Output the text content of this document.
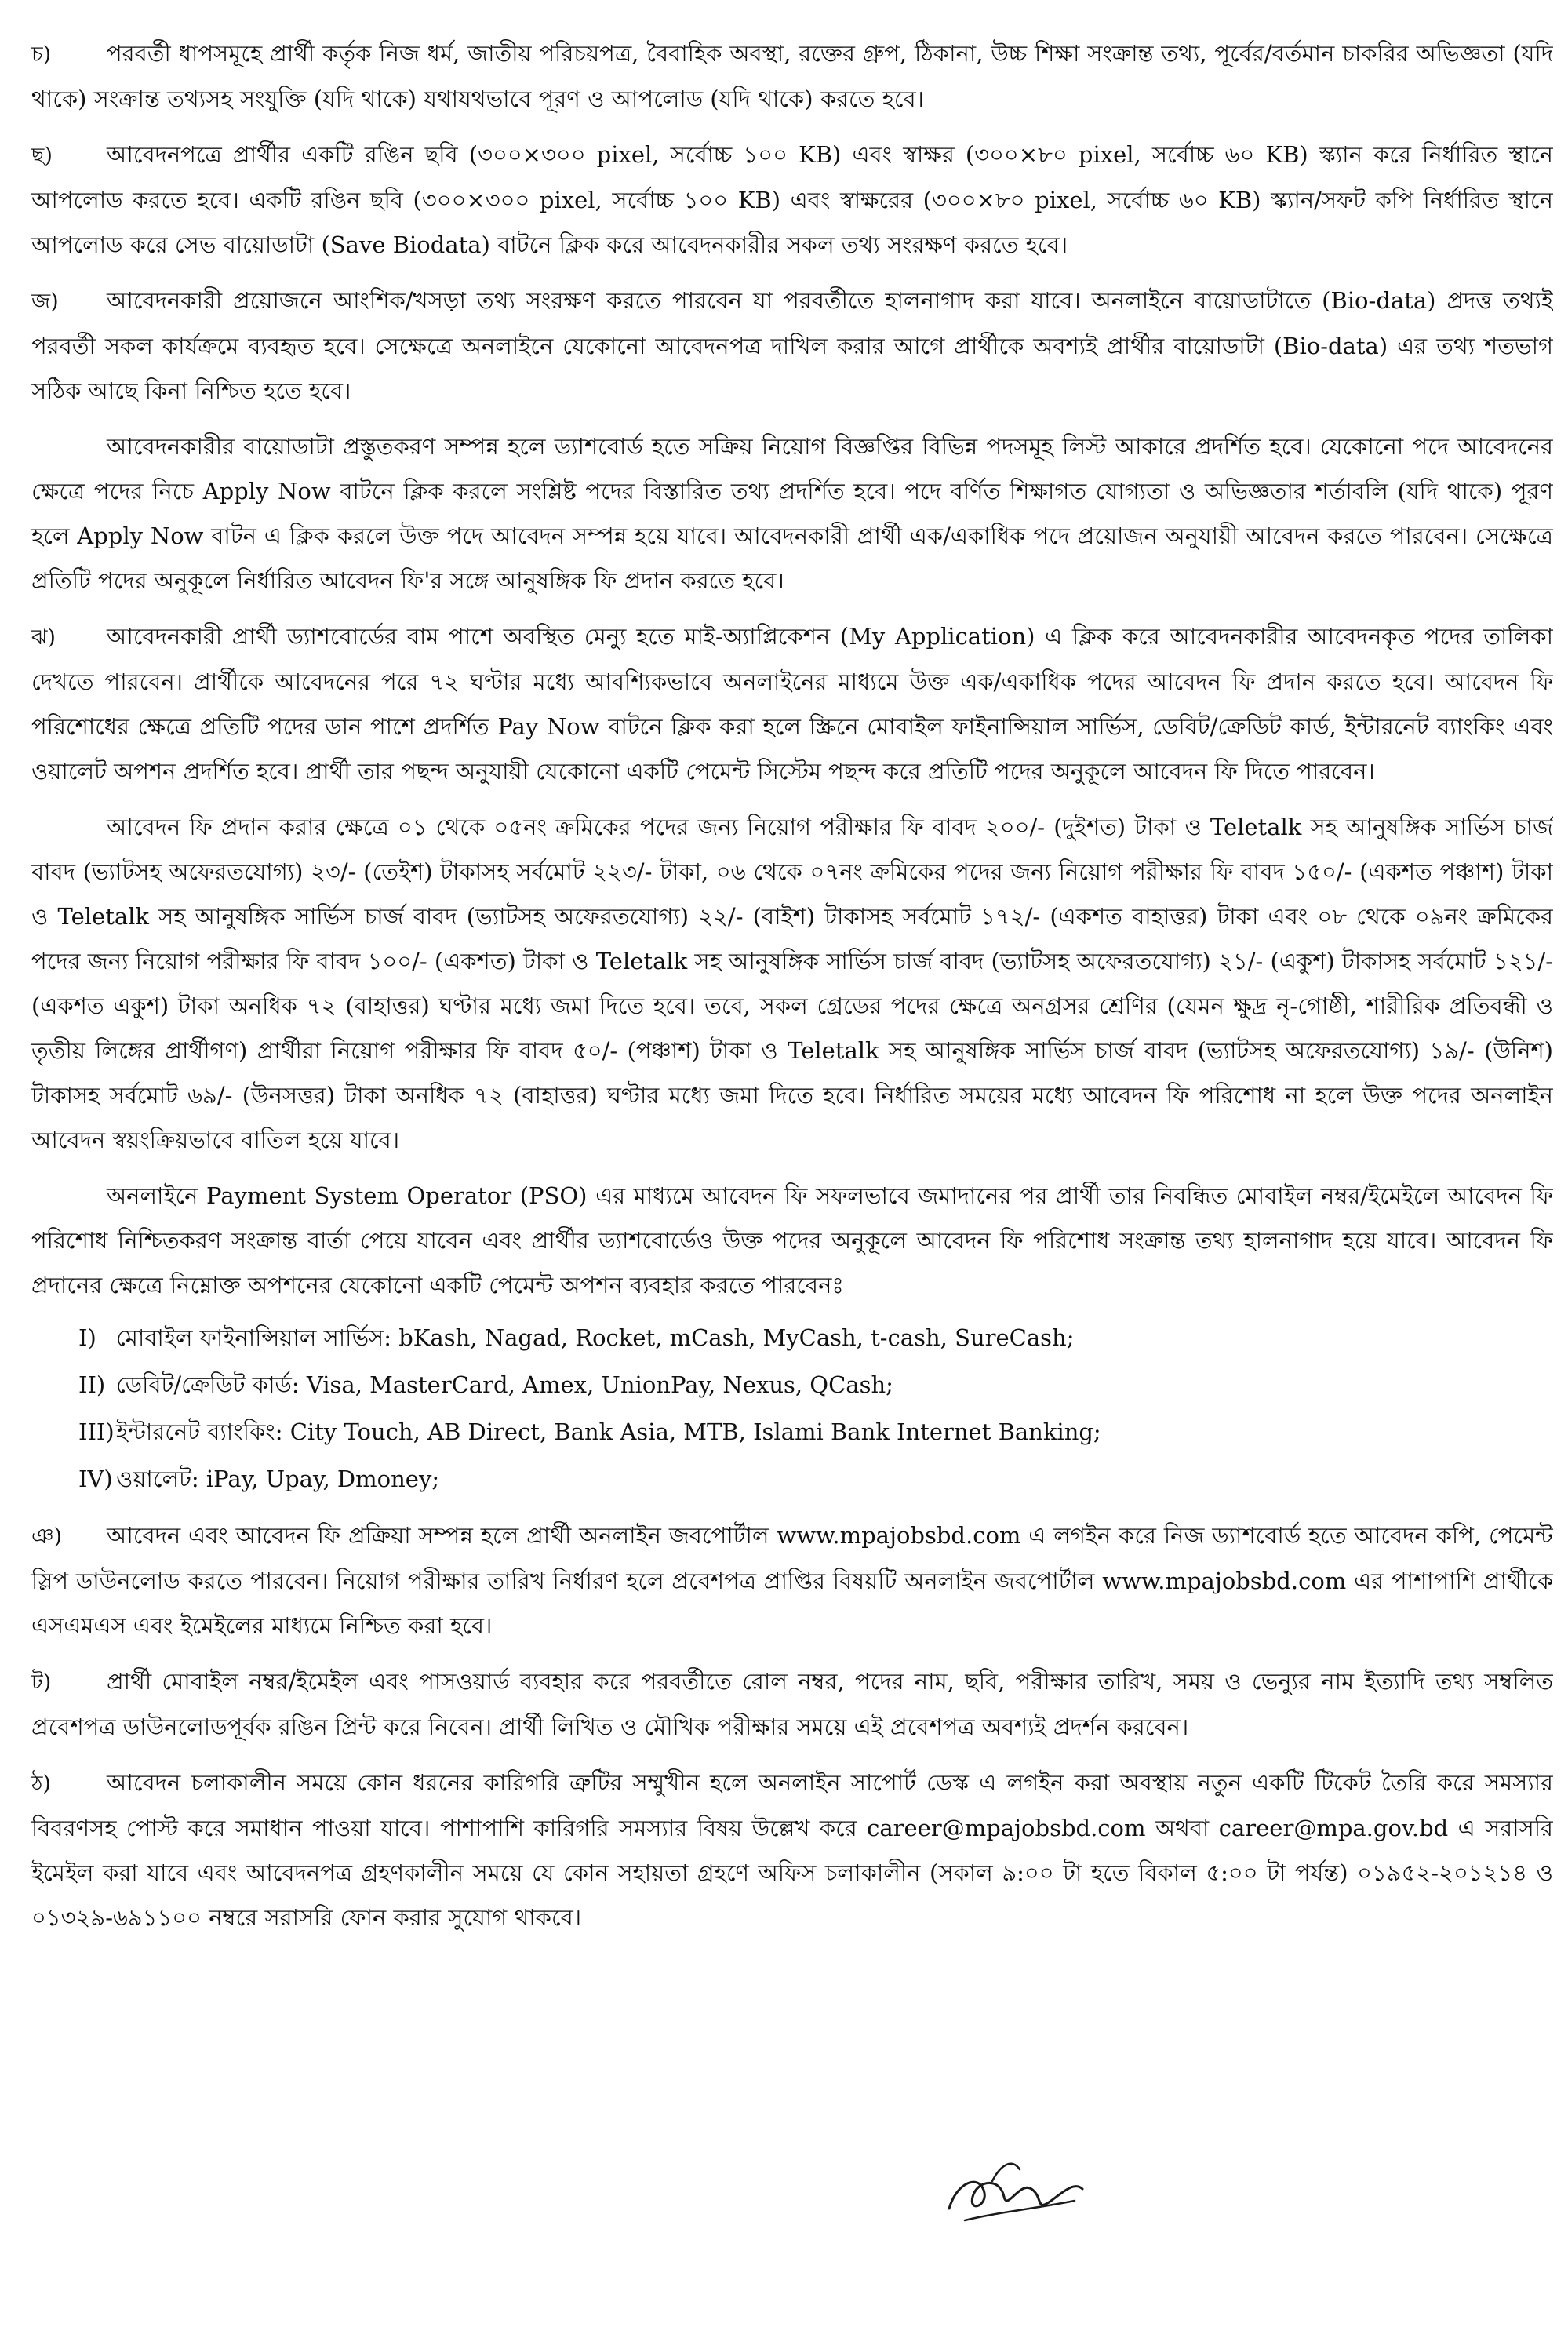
চ) পরবর্তী ধাপসমূহে প্রার্থী কর্তৃক নিজ ধর্ম, জাতীয় পরিচয়পত্র, বৈবাহিক অবস্থা, রক্তের গ্রুপ, ঠিকানা, উচ্চ শিক্ষা সংক্রান্ত তথ্য, পূর্বের/বর্তমান চাকরির অভিজ্ঞতা (যদি থাকে) সংক্রান্ত তথ্যসহ সংযুক্তি (যদি থাকে) যথাযথভাবে পূরণ ও আপলোড (যদি থাকে) করতে হবে।

ছ) আবেদনপত্রে প্রার্থীর একটি রঙিন ছবি (৩০০×৩০০ pixel, সর্বোচ্চ ১০০ KB) এবং স্বাক্ষর (৩০০×৮০ pixel, সর্বোচ্চ ৬০ KB) স্ক্যান করে নির্ধারিত স্থানে আপলোড করতে হবে। একটি রঙিন ছবি (৩০০×৩০০ pixel, সর্বোচ্চ ১০০ KB) এবং স্বাক্ষরের (৩০০×৮০ pixel, সর্বোচ্চ ৬০ KB) স্ক্যান/সফট কপি নির্ধারিত স্থানে আপলোড করে সেভ বায়োডাটা (Save Biodata) বাটনে ক্লিক করে আবেদনকারীর সকল তথ্য সংরক্ষণ করতে হবে।

জ) আবেদনকারী প্রয়োজনে আংশিক/খসড়া তথ্য সংরক্ষণ করতে পারবেন যা পরবর্তীতে হালনাগাদ করা যাবে। অনলাইনে বায়োডাটাতে (Bio-data) প্রদত্ত তথ্যই পরবর্তী সকল কার্যক্রমে ব্যবহৃত হবে। সেক্ষেত্রে অনলাইনে যেকোনো আবেদনপত্র দাখিল করার আগে প্রার্থীকে অবশ্যই প্রার্থীর বায়োডাটা (Bio-data) এর তথ্য শতভাগ সঠিক আছে কিনা নিশ্চিত হতে হবে।

আবেদনকারীর বায়োডাটা প্রস্তুতকরণ সম্পন্ন হলে ড্যাশবোর্ড হতে সক্রিয় নিয়োগ বিজ্ঞপ্তির বিভিন্ন পদসমূহ লিস্ট আকারে প্রদর্শিত হবে। যেকোনো পদে আবেদনের ক্ষেত্রে পদের নিচে Apply Now বাটনে ক্লিক করলে সংশ্লিষ্ট পদের বিস্তারিত তথ্য প্রদর্শিত হবে। পদে বর্ণিত শিক্ষাগত যোগ্যতা ও অভিজ্ঞতার শর্তাবলি (যদি থাকে) পূরণ হলে Apply Now বাটন এ ক্লিক করলে উক্ত পদে আবেদন সম্পন্ন হয়ে যাবে। আবেদনকারী প্রার্থী এক/একাধিক পদে প্রয়োজন অনুযায়ী আবেদন করতে পারবেন। সেক্ষেত্রে প্রতিটি পদের অনুকূলে নির্ধারিত আবেদন ফি'র সঙ্গে আনুষঙ্গিক ফি প্রদান করতে হবে।

ঝ) আবেদনকারী প্রার্থী ড্যাশবোর্ডের বাম পাশে অবস্থিত মেন্যু হতে মাই-অ্যাপ্লিকেশন (My Application) এ ক্লিক করে আবেদনকারীর আবেদনকৃত পদের তালিকা দেখতে পারবেন। প্রার্থীকে আবেদনের পরে ৭২ ঘণ্টার মধ্যে আবশ্যিকভাবে অনলাইনের মাধ্যমে উক্ত এক/একাধিক পদের আবেদন ফি প্রদান করতে হবে। আবেদন ফি পরিশোধের ক্ষেত্রে প্রতিটি পদের ডান পাশে প্রদর্শিত Pay Now বাটনে ক্লিক করা হলে স্ক্রিনে মোবাইল ফাইনান্সিয়াল সার্ভিস, ডেবিট/ক্রেডিট কার্ড, ইন্টারনেট ব্যাংকিং এবং ওয়ালেট অপশন প্রদর্শিত হবে। প্রার্থী তার পছন্দ অনুযায়ী যেকোনো একটি পেমেন্ট সিস্টেম পছন্দ করে প্রতিটি পদের অনুকূলে আবেদন ফি দিতে পারবেন।

আবেদন ফি প্রদান করার ক্ষেত্রে ০১ থেকে ০৫নং ক্রমিকের পদের জন্য নিয়োগ পরীক্ষার ফি বাবদ ২০০/- (দুইশত) টাকা ও Teletalk সহ আনুষঙ্গিক সার্ভিস চার্জ বাবদ (ভ্যাটসহ অফেরতযোগ্য) ২৩/- (তেইশ) টাকাসহ সর্বমোট ২২৩/- টাকা, ০৬ থেকে ০৭নং ক্রমিকের পদের জন্য নিয়োগ পরীক্ষার ফি বাবদ ১৫০/- (একশত পঞ্চাশ) টাকা ও Teletalk সহ আনুষঙ্গিক সার্ভিস চার্জ বাবদ (ভ্যাটসহ অফেরতযোগ্য) ২২/- (বাইশ) টাকাসহ সর্বমোট ১৭২/- (একশত বাহাত্তর) টাকা এবং ০৮ থেকে ০৯নং ক্রমিকের পদের জন্য নিয়োগ পরীক্ষার ফি বাবদ ১০০/- (একশত) টাকা ও Teletalk সহ আনুষঙ্গিক সার্ভিস চার্জ বাবদ (ভ্যাটসহ অফেরতযোগ্য) ২১/- (একুশ) টাকাসহ সর্বমোট ১২১/- (একশত একুশ) টাকা অনধিক ৭২ (বাহাত্তর) ঘণ্টার মধ্যে জমা দিতে হবে। তবে, সকল গ্রেডের পদের ক্ষেত্রে অনগ্রসর শ্রেণির (যেমন ক্ষুদ্র নৃ-গোষ্ঠী, শারীরিক প্রতিবন্ধী ও তৃতীয় লিঙ্গের প্রার্থীগণ) প্রার্থীরা নিয়োগ পরীক্ষার ফি বাবদ ৫০/- (পঞ্চাশ) টাকা ও Teletalk সহ আনুষঙ্গিক সার্ভিস চার্জ বাবদ (ভ্যাটসহ অফেরতযোগ্য) ১৯/- (উনিশ) টাকাসহ সর্বমোট ৬৯/- (উনসত্তর) টাকা অনধিক ৭২ (বাহাত্তর) ঘণ্টার মধ্যে জমা দিতে হবে। নির্ধারিত সময়ের মধ্যে আবেদন ফি পরিশোধ না হলে উক্ত পদের অনলাইন আবেদন স্বয়ংক্রিয়ভাবে বাতিল হয়ে যাবে।

অনলাইনে Payment System Operator (PSO) এর মাধ্যমে আবেদন ফি সফলভাবে জমাদানের পর প্রার্থী তার নিবন্ধিত মোবাইল নম্বর/ইমেইলে আবেদন ফি পরিশোধ নিশ্চিতকরণ সংক্রান্ত বার্তা পেয়ে যাবেন এবং প্রার্থীর ড্যাশবোর্ডেও উক্ত পদের অনুকূলে আবেদন ফি পরিশোধ সংক্রান্ত তথ্য হালনাগাদ হয়ে যাবে। আবেদন ফি প্রদানের ক্ষেত্রে নিম্নোক্ত অপশনের যেকোনো একটি পেমেন্ট অপশন ব্যবহার করতে পারবেনঃ

I) মোবাইল ফাইনান্সিয়াল সার্ভিস: bKash, Nagad, Rocket, mCash, MyCash, t-cash, SureCash;
II) ডেবিট/ক্রেডিট কার্ড: Visa, MasterCard, Amex, UnionPay, Nexus, QCash;
III)ইন্টারনেট ব্যাংকিং: City Touch, AB Direct, Bank Asia, MTB, Islami Bank Internet Banking;
IV) ওয়ালেট: iPay, Upay, Dmoney;

ঞ) আবেদন এবং আবেদন ফি প্রক্রিয়া সম্পন্ন হলে প্রার্থী অনলাইন জবপোর্টাল www.mpajobsbd.com এ লগইন করে নিজ ড্যাশবোর্ড হতে আবেদন কপি, পেমেন্ট স্লিপ ডাউনলোড করতে পারবেন। নিয়োগ পরীক্ষার তারিখ নির্ধারণ হলে প্রবেশপত্র প্রাপ্তির বিষয়টি অনলাইন জবপোর্টাল www.mpajobsbd.com এর পাশাপাশি প্রার্থীকে এসএমএস এবং ইমেইলের মাধ্যমে নিশ্চিত করা হবে।

ট) প্রার্থী মোবাইল নম্বর/ইমেইল এবং পাসওয়ার্ড ব্যবহার করে পরবর্তীতে রোল নম্বর, পদের নাম, ছবি, পরীক্ষার তারিখ, সময় ও ভেন্যুর নাম ইত্যাদি তথ্য সম্বলিত প্রবেশপত্র ডাউনলোডপূর্বক রঙিন প্রিন্ট করে নিবেন। প্রার্থী লিখিত ও মৌখিক পরীক্ষার সময়ে এই প্রবেশপত্র অবশ্যই প্রদর্শন করবেন।

ঠ) আবেদন চলাকালীন সময়ে কোন ধরনের কারিগরি ত্রুটির সম্মুখীন হলে অনলাইন সাপোর্ট ডেস্ক এ লগইন করা অবস্থায় নতুন একটি টিকেট তৈরি করে সমস্যার বিবরণসহ পোস্ট করে সমাধান পাওয়া যাবে। পাশাপাশি কারিগরি সমস্যার বিষয় উল্লেখ করে career@mpajobsbd.com অথবা career@mpa.gov.bd এ সরাসরি ইমেইল করা যাবে এবং আবেদনপত্র গ্রহণকালীন সময়ে যে কোন সহায়তা গ্রহণে অফিস চলাকালীন (সকাল ৯:০০ টা হতে বিকাল ৫:০০ টা পর্যন্ত) ০১৯৫২-২০১২১৪ ও ০১৩২৯-৬৯১১০০ নম্বরে সরাসরি ফোন করার সুযোগ থাকবে।
